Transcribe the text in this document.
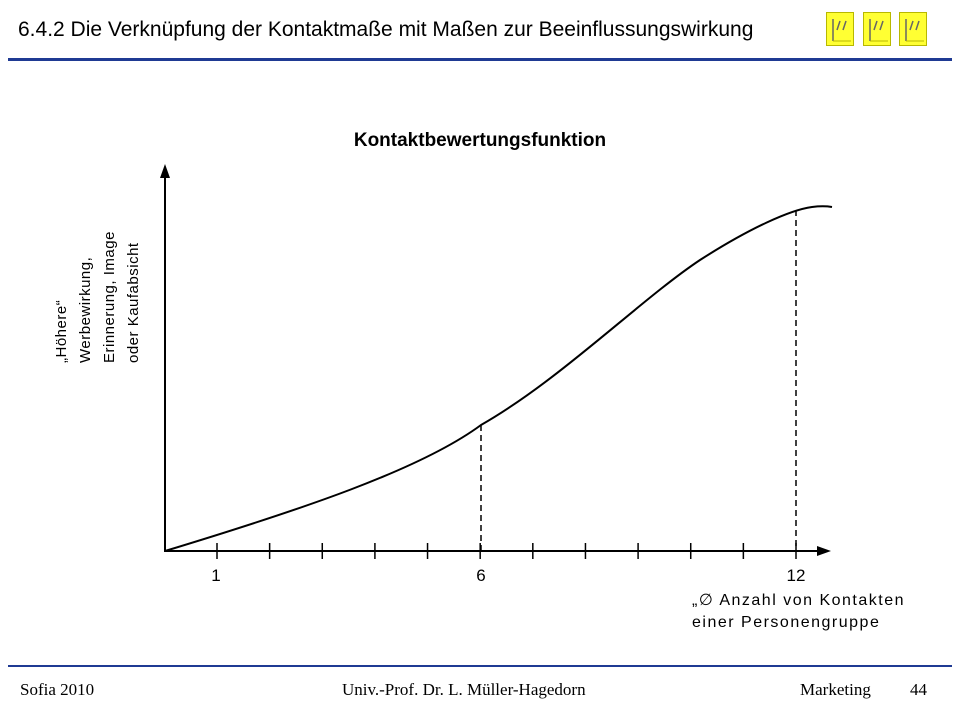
6.4.2 Die Verknüpfung der Kontaktmaße mit Maßen zur Beeinflussungswirkung
Kontaktbewertungsfunktion
„Höhere“ Werbewirkung, Erinnerung, Image oder Kaufabsicht
1	6	12
„∅ Anzahl von Kontakten
einer Personengruppe
Sofia 2010	Univ.-Prof. Dr. L. Müller-Hagedorn	Marketing 44
